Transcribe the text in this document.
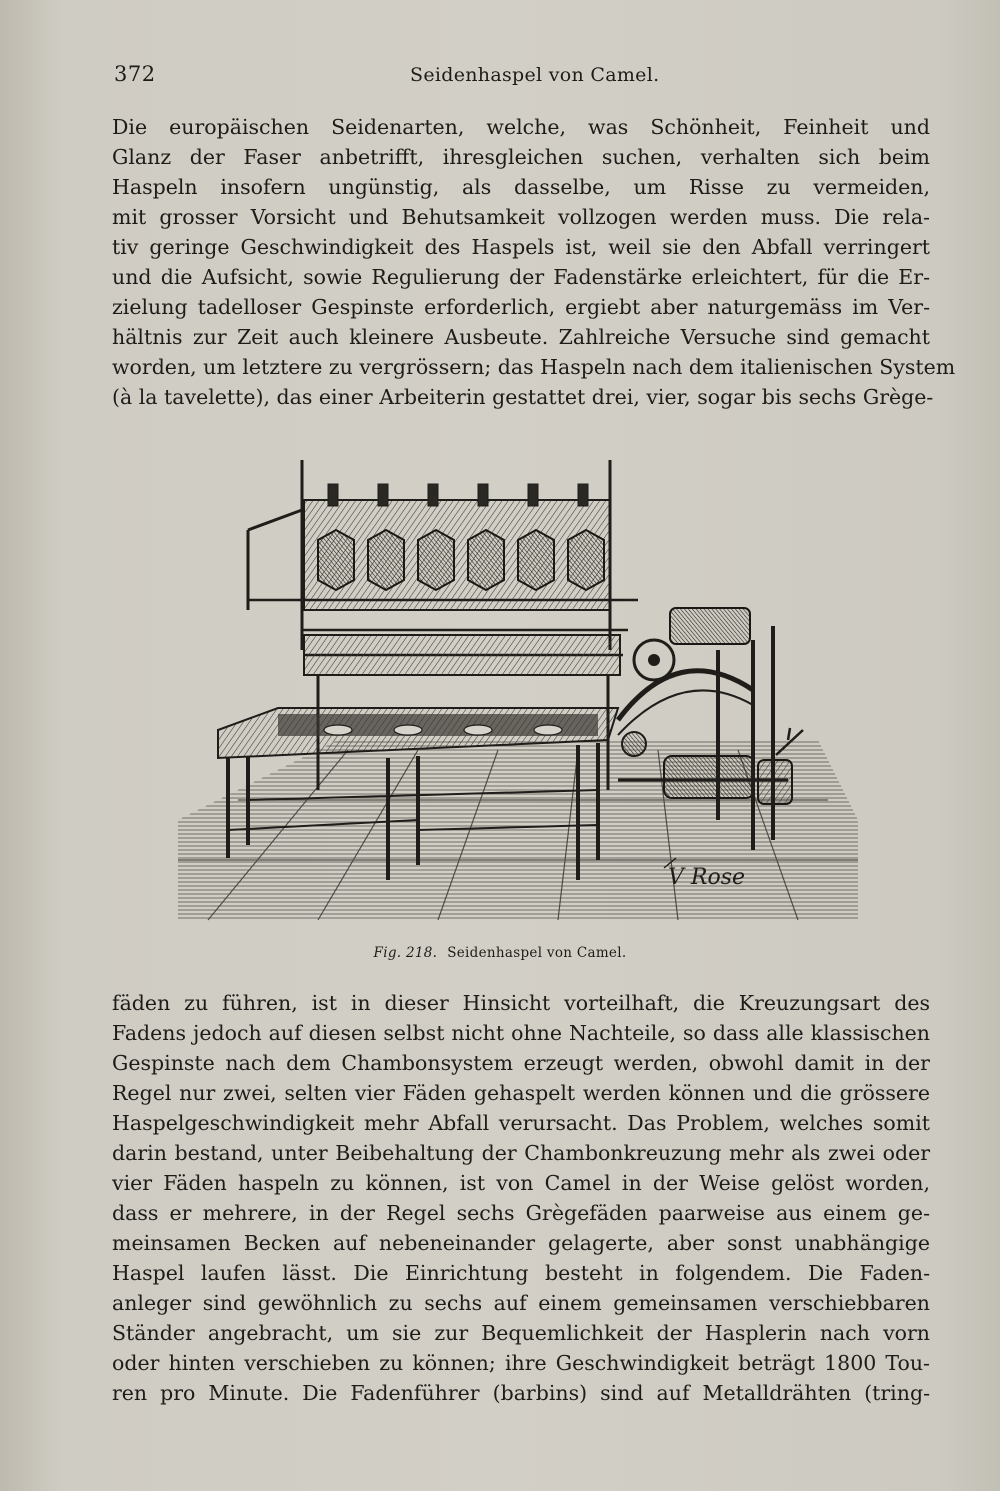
372	Seidenhaspel von Camel.
Die europäischen Seidenarten, welche, was Schönheit, Feinheit und
Glanz der Faser anbetrifft, ihresgleichen suchen, verhalten sich beim
Haspeln insofern ungünstig, als dasselbe, um Risse zu vermeiden,
mit grosser Vorsicht und Behutsamkeit vollzogen werden muss. Die rela-
tiv geringe Geschwindigkeit des Haspels ist, weil sie den Abfall verringert
und die Aufsicht, sowie Regulierung der Fadenstärke erleichtert, für die Er-
zielung tadelloser Gespinste erforderlich, ergiebt aber naturgemäss im Ver-
hältnis zur Zeit auch kleinere Ausbeute. Zahlreiche Versuche sind gemacht
worden, um letztere zu vergrössern; das Haspeln nach dem italienischen System
(à la tavelette), das einer Arbeiterin gestattet drei, vier, sogar bis sechs Grège-
V Rose
Fig. 218. Seidenhaspel von Camel.
fäden zu führen, ist in dieser Hinsicht vorteilhaft, die Kreuzungsart des
Fadens jedoch auf diesen selbst nicht ohne Nachteile, so dass alle klassischen
Gespinste nach dem Chambonsystem erzeugt werden, obwohl damit in der
Regel nur zwei, selten vier Fäden gehaspelt werden können und die grössere
Haspelgeschwindigkeit mehr Abfall verursacht. Das Problem, welches somit
darin bestand, unter Beibehaltung der Chambonkreuzung mehr als zwei oder
vier Fäden haspeln zu können, ist von Camel in der Weise gelöst worden,
dass er mehrere, in der Regel sechs Grègefäden paarweise aus einem ge-
meinsamen Becken auf nebeneinander gelagerte, aber sonst unabhängige
Haspel laufen lässt. Die Einrichtung besteht in folgendem. Die Faden-
anleger sind gewöhnlich zu sechs auf einem gemeinsamen verschiebbaren
Ständer angebracht, um sie zur Bequemlichkeit der Hasplerin nach vorn
oder hinten verschieben zu können; ihre Geschwindigkeit beträgt 1800 Tou-
ren pro Minute. Die Fadenführer (barbins) sind auf Metalldrähten (tring-
